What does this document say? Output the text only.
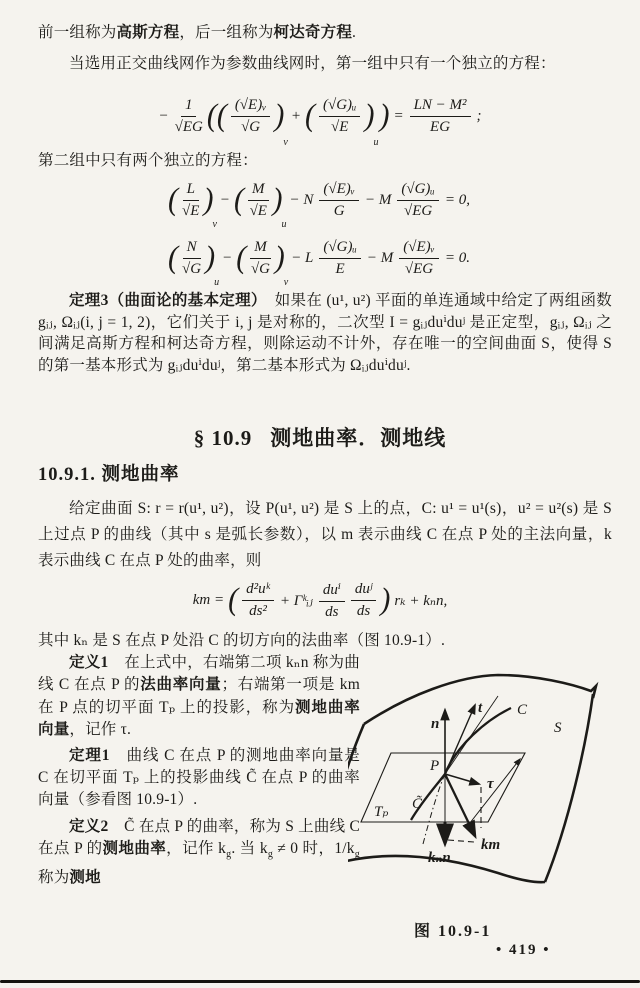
前一组称为高斯方程，后一组称为柯达奇方程.

当选用正交曲线网作为参数曲线网时，第一组中只有一个独立的方程：

− $\frac{1}{√EG}$ (( $\frac{\text{(√E)ᵥ}}{√G}$ )
v
+ ( $\frac{\text{(√G)ᵤ}}{√E}$ )
u
) = $\frac{\text{LN − M²}}{EG}$ ;

第二组中只有两个独立的方程：

( $\frac{L}{√E}$ )
v
− ( $\frac{M}{√E}$ )
u
− N $\frac{\text{(√E)ᵥ}}{G} - M \frac{\text{(√G)ᵤ}}{√EG} = 0$,
( $\frac{N}{√G}$ )
u
− ( $\frac{M}{√G}$ )
v
− L $\frac{\text{(√G)ᵤ}}{E} - M \frac{\text{(√E)ᵥ}}{√EG} = 0$.

定理3（曲面论的基本定理）　如果在 (u¹, u²) 平面的单连通域中给定了两组函数 gᵢⱼ, Ωᵢⱼ(i, j = 1, 2)，它们关于 i, j 是对称的，二次型 I = gᵢⱼduⁱduʲ 是正定型，gᵢⱼ, Ωᵢⱼ 之间满足高斯方程和柯达奇方程，则除运动不计外，存在唯一的空间曲面 S，使得 S 的第一基本形式为 gᵢⱼduⁱduʲ，第二基本形式为 Ωᵢⱼduⁱduʲ.

§ 10.9 测地曲率．测地线
10.9.1. 测地曲率

给定曲面 S: r = r(u¹, u²)，设 P(u¹, u²) 是 S 上的点，C: u¹ = u¹(s)，u² = u²(s) 是 S 上过点 P 的曲线（其中 s 是弧长参数），以 m 表示曲线 C 在点 P 处的主法向量，k 表示曲线 C 在点 P 处的曲率，则

km = ( $\frac{\text{d²uᵏ}}{\text{ds²}}$ + Γᵏᵢⱼ $\frac{\text{duⁱ}}{ds} \frac{\text{duʲ}}{ds}$ ) rₖ + kₙn,

其中 kₙ 是 S 在点 P 处沿 C 的切方向的法曲率（图 10.9-1）.

定义1　在上式中，右端第二项 kₙn 称为曲线 C 在点 P 的法曲率向量；右端第一项是 km 在 P 点的切平面 Tₚ 上的投影，称为测地曲率向量，记作 τ.

定理1　曲线 C 在点 P 的测地曲率向量是 C 在切平面 Tₚ 上的投影曲线 C̃ 在点 P 的曲率向量（参看图 10.9-1）.

定义2　C̃ 在点 P 的曲率，称为 S 上曲线 C 在点 P 的测地曲率，记作 $k_g$. 当 $k_g \ne 0$ 时，$1/k_g$ 称为测地

n
t C
S
P
C̃
τ
Tₚ
km
kₙn
图 10.9-1
• 419 •
